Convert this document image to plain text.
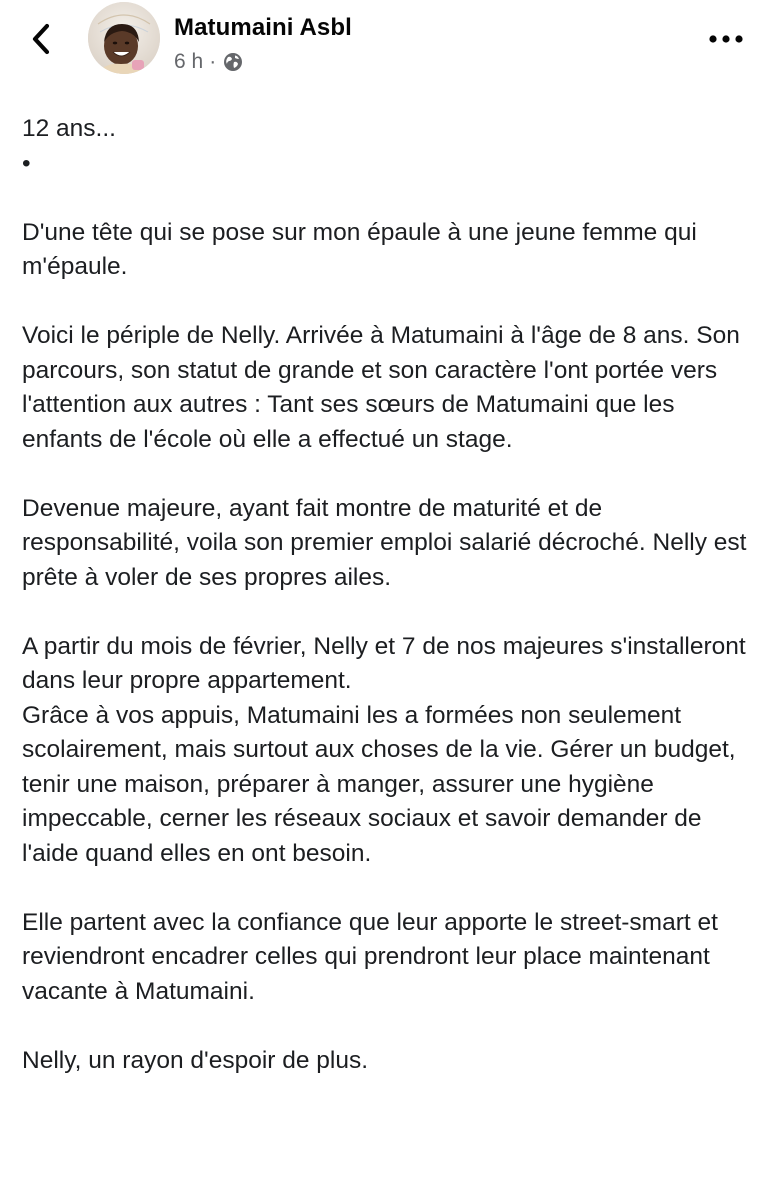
Matumaini Asbl
6 h ·
12 ans...
•

D'une tête qui se pose sur mon épaule à une jeune femme qui m'épaule.

Voici le périple de Nelly. Arrivée à Matumaini à l'âge de 8 ans. Son parcours, son statut de grande et son caractère l'ont portée vers l'attention aux autres : Tant ses sœurs de Matumaini que les enfants de l'école où elle a effectué un stage.

Devenue majeure, ayant fait montre de maturité et de responsabilité, voila son premier emploi salarié décroché. Nelly est prête à voler de ses propres ailes.

A partir du mois de février, Nelly et 7 de nos majeures s'installeront dans leur propre appartement.
Grâce à vos appuis, Matumaini les a formées non seulement scolairement, mais surtout aux choses de la vie. Gérer un budget, tenir une maison, préparer à manger, assurer une hygiène impeccable, cerner les réseaux sociaux et savoir demander de l'aide quand elles en ont besoin.

Elle partent avec la confiance que leur apporte le street-smart et reviendront encadrer celles qui prendront leur place maintenant vacante à Matumaini.

Nelly, un rayon d'espoir de plus.
